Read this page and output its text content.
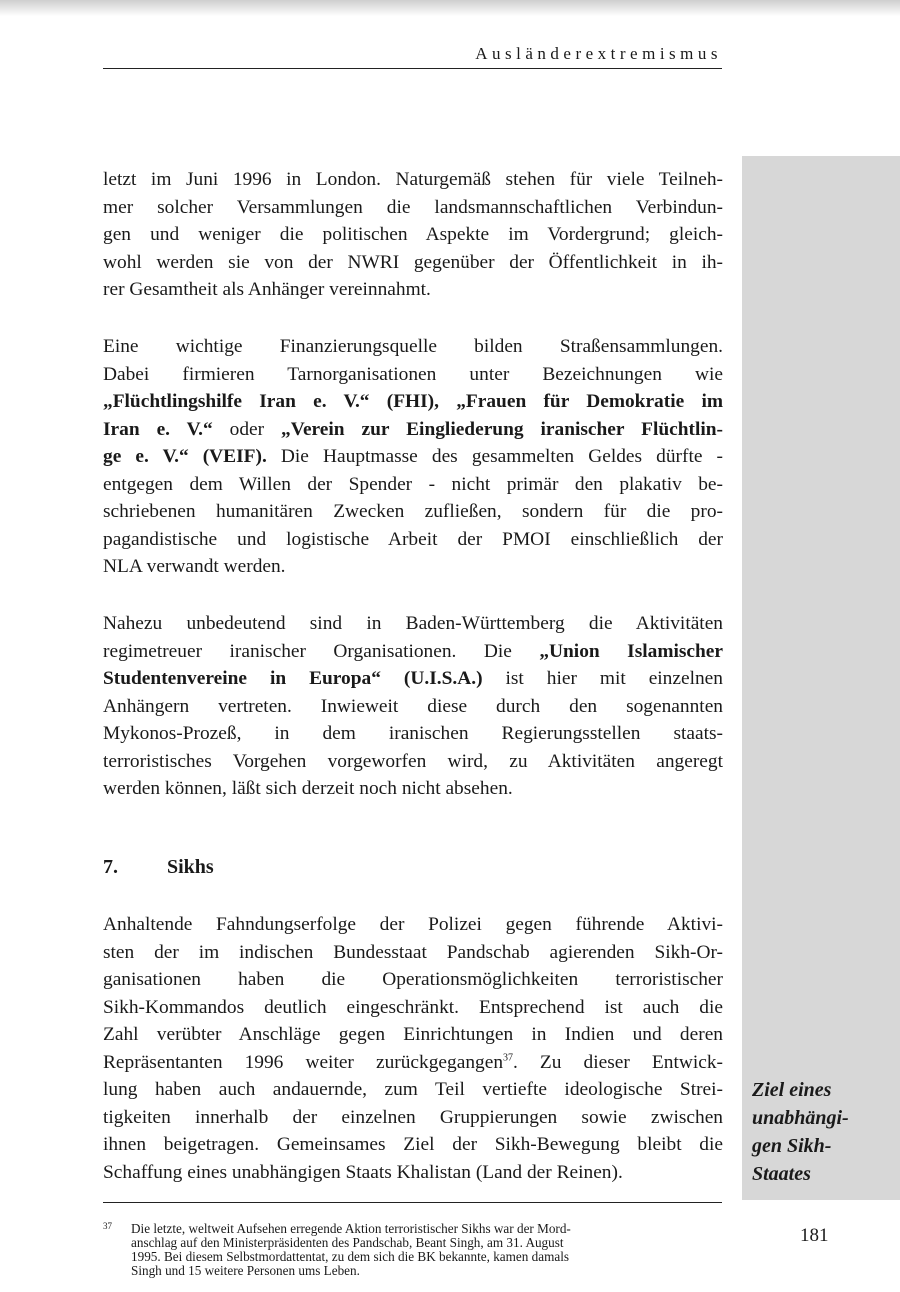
Ausländerextremismus
letzt im Juni 1996 in London. Naturgemäß stehen für viele Teilneh-
mer solcher Versammlungen die landsmannschaftlichen Verbindun-
gen und weniger die politischen Aspekte im Vordergrund; gleich-
wohl werden sie von der NWRI gegenüber der Öffentlichkeit in ih-
rer Gesamtheit als Anhänger vereinnahmt.
Eine wichtige Finanzierungsquelle bilden Straßensammlungen.
Dabei firmieren Tarnorganisationen unter Bezeichnungen wie
„Flüchtlingshilfe Iran e. V.“ (FHI), „Frauen für Demokratie im
Iran e. V.“ oder „Verein zur Eingliederung iranischer Flüchtlin-
ge e. V.“ (VEIF). Die Hauptmasse des gesammelten Geldes dürfte -
entgegen dem Willen der Spender - nicht primär den plakativ be-
schriebenen humanitären Zwecken zufließen, sondern für die pro-
pagandistische und logistische Arbeit der PMOI einschließlich der
NLA verwandt werden.
Nahezu unbedeutend sind in Baden-Württemberg die Aktivitäten
regimetreuer iranischer Organisationen. Die „Union Islamischer
Studentenvereine in Europa“ (U.I.S.A.) ist hier mit einzelnen
Anhängern vertreten. Inwieweit diese durch den sogenannten
Mykonos-Prozeß, in dem iranischen Regierungsstellen staats-
terroristisches Vorgehen vorgeworfen wird, zu Aktivitäten angeregt
werden können, läßt sich derzeit noch nicht absehen.
7. Sikhs
Anhaltende Fahndungserfolge der Polizei gegen führende Aktivi-
sten der im indischen Bundesstaat Pandschab agierenden Sikh-Or-
ganisationen haben die Operationsmöglichkeiten terroristischer
Sikh-Kommandos deutlich eingeschränkt. Entsprechend ist auch die
Zahl verübter Anschläge gegen Einrichtungen in Indien und deren
Repräsentanten 1996 weiter zurückgegangen$^{37}$. Zu dieser Entwick-
lung haben auch andauernde, zum Teil vertiefte ideologische Strei-
tigkeiten innerhalb der einzelnen Gruppierungen sowie zwischen
ihnen beigetragen. Gemeinsames Ziel der Sikh-Bewegung bleibt die
Schaffung eines unabhängigen Staats Khalistan (Land der Reinen).
Ziel eines
unabhängi-
gen Sikh-
Staates
37 Die letzte, weltweit Aufsehen erregende Aktion terroristischer Sikhs war der Mord-
anschlag auf den Ministerpräsidenten des Pandschab, Beant Singh, am 31. August
1995. Bei diesem Selbstmordattentat, zu dem sich die BK bekannte, kamen damals
Singh und 15 weitere Personen ums Leben.
181
